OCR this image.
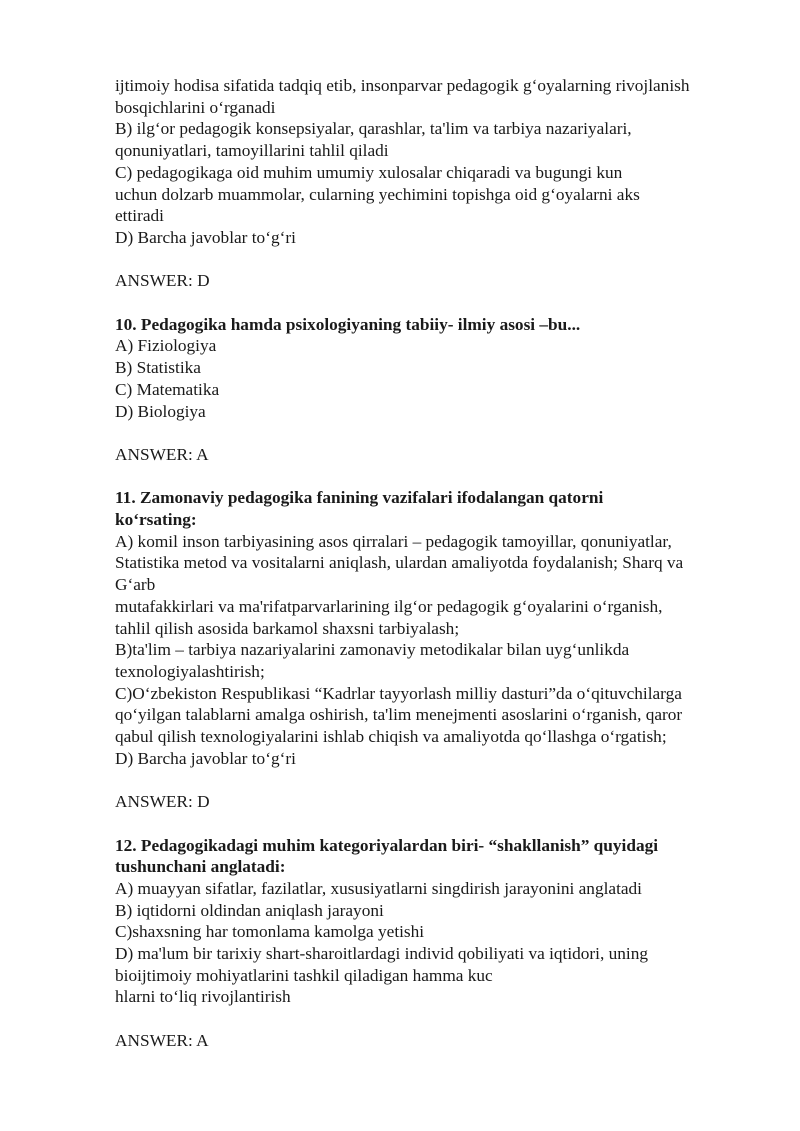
ijtimoiy hodisa sifatida tadqiq etib, insonparvar pedagogik g‘oyalarning rivojlanish
bosqichlarini o‘rganadi
B) ilg‘or pedagogik konsepsiyalar, qarashlar, ta'lim va tarbiya nazariyalari,
qonuniyatlari, tamoyillarini tahlil qiladi
C) pedagogikaga oid muhim umumiy xulosalar chiqaradi va bugungi kun
uchun dolzarb muammolar, cularning yechimini topishga oid g‘oyalarni aks
ettiradi
D) Barcha javoblar to‘g‘ri
ANSWER: D
10. Pedagogika hamda psixologiyaning tabiiy- ilmiy asosi –bu...
A) Fiziologiya
B) Statistika
C) Matematika
D) Biologiya
ANSWER: A
11. Zamonaviy pedagogika fanining vazifalari ifodalangan qatorni
ko‘rsating:
A) komil inson tarbiyasining asos qirralari – pedagogik tamoyillar, qonuniyatlar,
Statistika metod va vositalarni aniqlash, ulardan amaliyotda foydalanish; Sharq va
G‘arb
mutafakkirlari va ma'rifatparvarlarining ilg‘or pedagogik g‘oyalarini o‘rganish,
tahlil qilish asosida barkamol shaxsni tarbiyalash;
B)ta'lim – tarbiya nazariyalarini zamonaviy metodikalar bilan uyg‘unlikda
texnologiyalashtirish;
C)O‘zbekiston Respublikasi “Kadrlar tayyorlash milliy dasturi”da o‘qituvchilarga
qo‘yilgan talablarni amalga oshirish, ta'lim menejmenti asoslarini o‘rganish, qaror
qabul qilish texnologiyalarini ishlab chiqish va amaliyotda qo‘llashga o‘rgatish;
D) Barcha javoblar to‘g‘ri
ANSWER: D
12. Pedagogikadagi muhim kategoriyalardan biri- “shakllanish” quyidagi
tushunchani anglatadi:
A) muayyan sifatlar, fazilatlar, xususiyatlarni singdirish jarayonini anglatadi
B) iqtidorni oldindan aniqlash jarayoni
C)shaxsning har tomonlama kamolga yetishi
D) ma'lum bir tarixiy shart-sharoitlardagi individ qobiliyati va iqtidori, uning
bioijtimoiy mohiyatlarini tashkil qiladigan hamma kuc
hlarni to‘liq rivojlantirish
ANSWER: A
